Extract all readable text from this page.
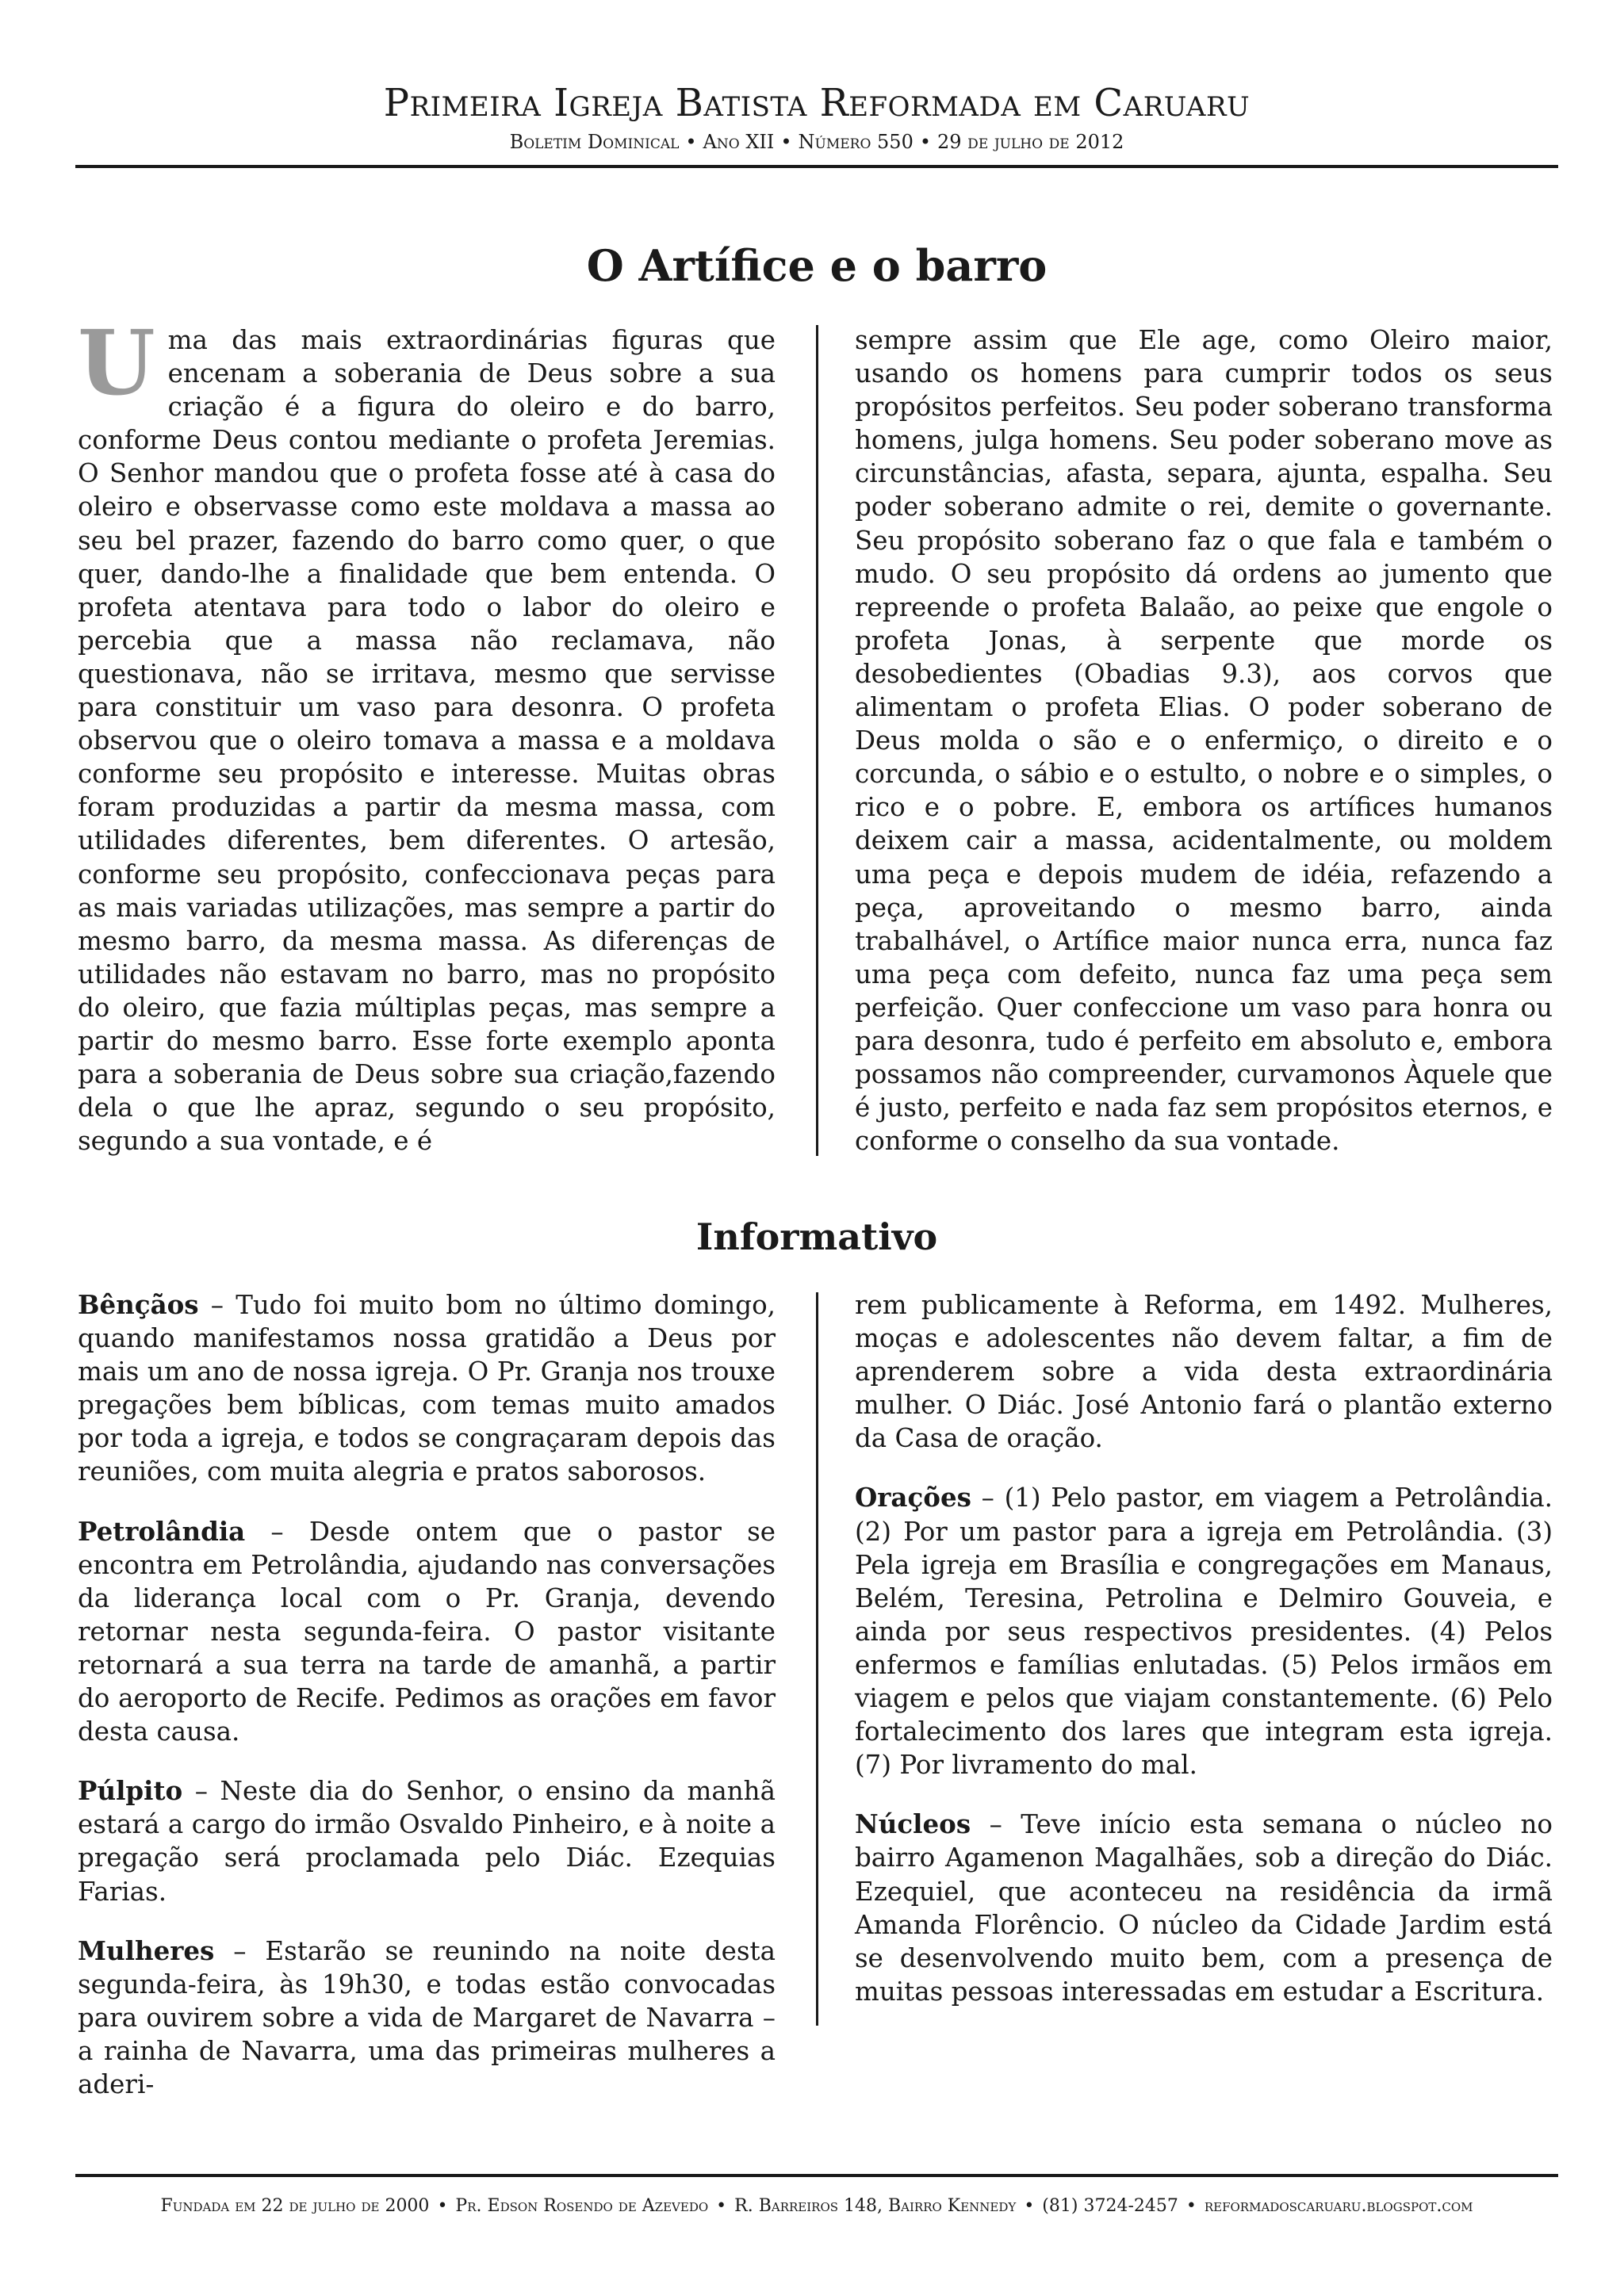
Primeira Igreja Batista Reformada em Caruaru
Boletim Dominical • Ano XII • Número 550 • 29 de julho de 2012
O Artífice e o barro

Uma das mais extraordinárias figuras que encenam a soberania de Deus sobre a sua criação é a figura do oleiro e do barro, conforme Deus contou mediante o profeta Jeremias. O Senhor mandou que o profeta fosse até à casa do oleiro e observasse como este moldava a massa ao seu bel prazer, fazendo do barro como quer, o que quer, dando-lhe a finalidade que bem entenda. O profeta atentava para todo o labor do oleiro e percebia que a massa não reclamava, não questionava, não se irritava, mesmo que servisse para constituir um vaso para desonra. O profeta observou que o oleiro tomava a massa e a moldava conforme seu propósito e interesse. Muitas obras foram produzidas a partir da mesma massa, com utilidades diferentes, bem diferentes. O artesão, conforme seu propósito, confeccionava peças para as mais variadas utilizações, mas sempre a partir do mesmo barro, da mesma massa. As diferenças de utilidades não estavam no barro, mas no propósito do oleiro, que fazia múltiplas peças, mas sempre a partir do mesmo barro. Esse forte exemplo aponta para a soberania de Deus sobre sua criação,fazendo dela o que lhe apraz, segundo o seu propósito, segundo a sua vontade, e é

sempre assim que Ele age, como Oleiro maior, usando os homens para cumprir todos os seus propósitos perfeitos. Seu poder soberano transforma homens, julga homens. Seu poder soberano move as circunstâncias, afasta, separa, ajunta, espalha. Seu poder soberano admite o rei, demite o governante. Seu propósito soberano faz o que fala e também o mudo. O seu propósito dá ordens ao jumento que repreende o profeta Balaão, ao peixe que engole o profeta Jonas, à serpente que morde os desobedientes (Obadias 9.3), aos corvos que alimentam o profeta Elias. O poder soberano de Deus molda o são e o enfermiço, o direito e o corcunda, o sábio e o estulto, o nobre e o simples, o rico e o pobre. E, embora os artífices humanos deixem cair a massa, acidentalmente, ou moldem uma peça e depois mudem de idéia, refazendo a peça, aproveitando o mesmo barro, ainda trabalhável, o Artífice maior nunca erra, nunca faz uma peça com defeito, nunca faz uma peça sem perfeição. Quer confeccione um vaso para honra ou para desonra, tudo é perfeito em absoluto e, embora possamos não compreender, curvamonos Àquele que é justo, perfeito e nada faz sem propósitos eternos, e conforme o conselho da sua vontade.

Informativo

Bênçãos – Tudo foi muito bom no último domingo, quando manifestamos nossa gratidão a Deus por mais um ano de nossa igreja. O Pr. Granja nos trouxe pregações bem bíblicas, com temas muito amados por toda a igreja, e todos se congraçaram depois das reuniões, com muita alegria e pratos saborosos.

Petrolândia – Desde ontem que o pastor se encontra em Petrolândia, ajudando nas conversações da liderança local com o Pr. Granja, devendo retornar nesta segunda-feira. O pastor visitante retornará a sua terra na tarde de amanhã, a partir do aeroporto de Recife. Pedimos as orações em favor desta causa.

Púlpito – Neste dia do Senhor, o ensino da manhã estará a cargo do irmão Osvaldo Pinheiro, e à noite a pregação será proclamada pelo Diác. Ezequias Farias.

Mulheres – Estarão se reunindo na noite desta segunda-feira, às 19h30, e todas estão convocadas para ouvirem sobre a vida de Margaret de Navarra – a rainha de Navarra, uma das primeiras mulheres a aderi-

rem publicamente à Reforma, em 1492. Mulheres, moças e adolescentes não devem faltar, a fim de aprenderem sobre a vida desta extraordinária mulher. O Diác. José Antonio fará o plantão externo da Casa de oração.

Orações – (1) Pelo pastor, em viagem a Petrolândia. (2) Por um pastor para a igreja em Petrolândia. (3) Pela igreja em Brasília e congregações em Manaus, Belém, Teresina, Petrolina e Delmiro Gouveia, e ainda por seus respectivos presidentes. (4) Pelos enfermos e famílias enlutadas. (5) Pelos irmãos em viagem e pelos que viajam constantemente. (6) Pelo fortalecimento dos lares que integram esta igreja. (7) Por livramento do mal.

Núcleos – Teve início esta semana o núcleo no bairro Agamenon Magalhães, sob a direção do Diác. Ezequiel, que aconteceu na residência da irmã Amanda Florêncio. O núcleo da Cidade Jardim está se desenvolvendo muito bem, com a presença de muitas pessoas interessadas em estudar a Escritura.

Fundada em 22 de julho de 2000 • Pr. Edson Rosendo de Azevedo • R. Barreiros 148, Bairro Kennedy • (81) 3724-2457 • reformadoscaruaru.blogspot.com
